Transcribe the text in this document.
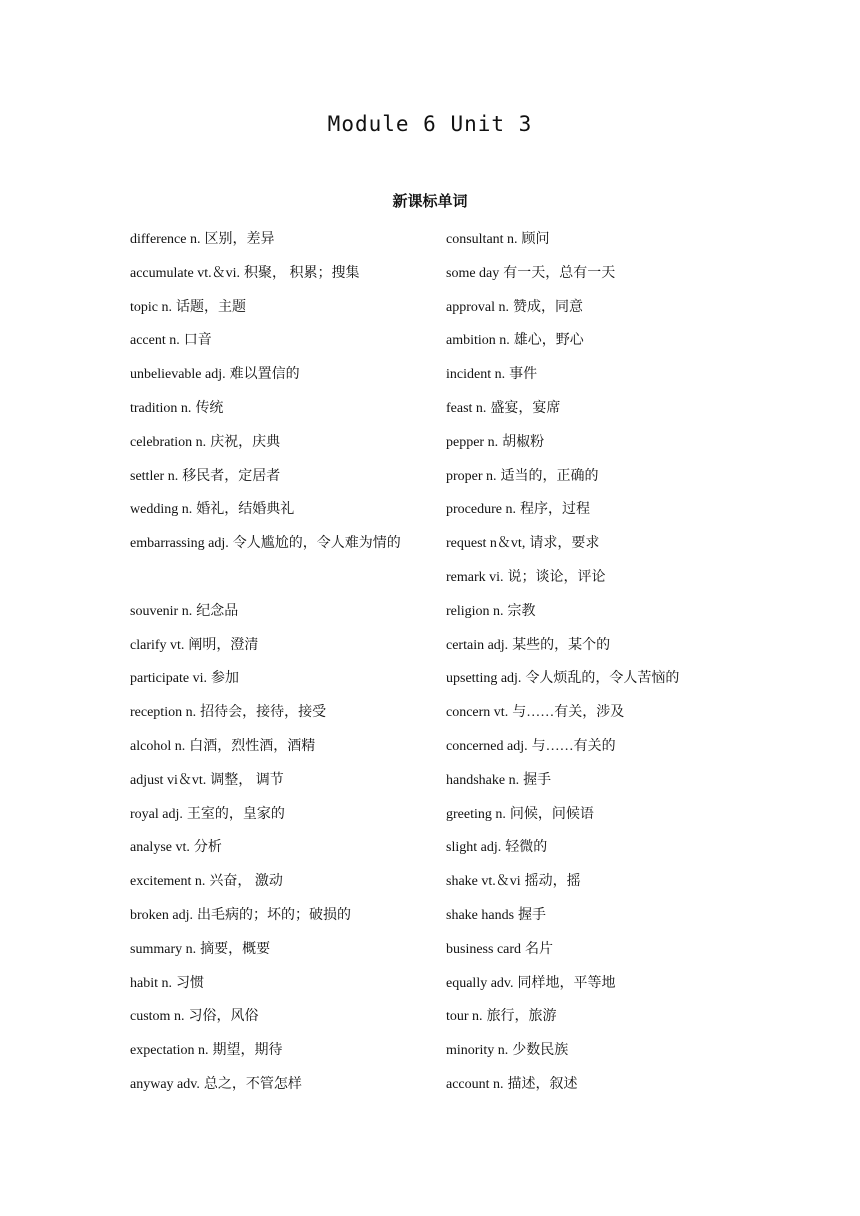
Module 6 Unit 3
新课标单词
difference n. 区别，差异
accumulate vt.＆vi. 积聚， 积累；搜集
topic n. 话题，主题
accent n. 口音
unbelievable adj. 难以置信的
tradition n. 传统
celebration n. 庆祝，庆典
settler n. 移民者，定居者
wedding n. 婚礼，结婚典礼
embarrassing adj. 令人尴尬的，令人难为情的
souvenir n. 纪念品
clarify vt. 阐明，澄清
participate vi. 参加
reception n. 招待会，接待，接受
alcohol n. 白酒，烈性酒，酒精
adjust vi＆vt. 调整， 调节
royal adj. 王室的，皇家的
analyse vt. 分析
excitement n. 兴奋， 激动
broken adj. 出毛病的；坏的；破损的
summary n. 摘要，概要
habit n. 习惯
custom n. 习俗，风俗
expectation n. 期望，期待
anyway adv. 总之，不管怎样
consultant n. 顾问
some day 有一天，总有一天
approval n. 赞成，同意
ambition n. 雄心，野心
incident n. 事件
feast n. 盛宴，宴席
pepper n. 胡椒粉
proper n. 适当的，正确的
procedure n. 程序，过程
request n＆vt, 请求，要求
remark vi. 说；谈论，评论
religion n. 宗教
certain adj. 某些的，某个的
upsetting adj. 令人烦乱的，令人苦恼的
concern vt. 与……有关，涉及
concerned adj. 与……有关的
handshake n. 握手
greeting n. 问候，问候语
slight adj. 轻微的
shake vt.＆vi 摇动，摇
shake hands 握手
business card 名片
equally adv. 同样地，平等地
tour n. 旅行，旅游
minority n. 少数民族
account n. 描述，叙述
